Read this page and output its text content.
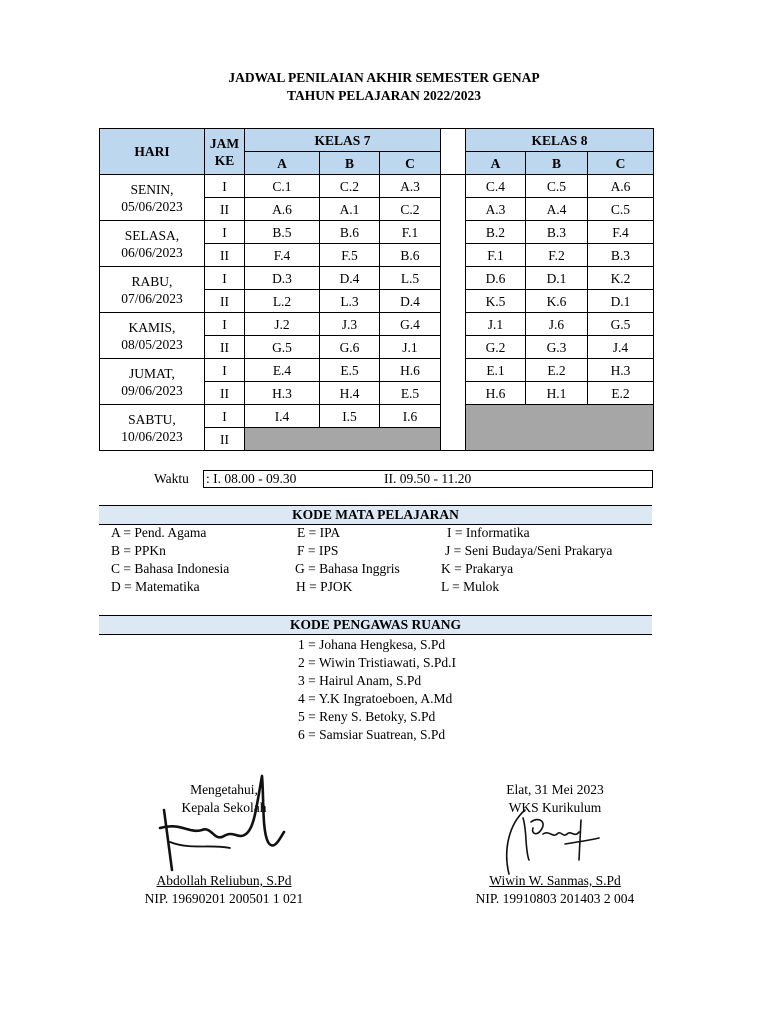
JADWAL PENILAIAN AKHIR SEMESTER GENAP
TAHUN PELAJARAN 2022/2023
HARI	JAM
KE	KELAS 7				KELAS 8		
		A	B	C		A	B	C

SENIN,
05/06/2023	I	C.1	C.2	A.3		C.4	C.5	A.6
	II	A.6	A.1	C.2		A.3	A.4	C.5

SELASA,
06/06/2023	I	B.5	B.6	F.1		B.2	B.3	F.4
	II	F.4	F.5	B.6		F.1	F.2	B.3

RABU,
07/06/2023	I	D.3	D.4	L.5		D.6	D.1	K.2
	II	L.2	L.3	D.4		K.5	K.6	D.1

KAMIS,
08/05/2023	I	J.2	J.3	G.4		J.1	J.6	G.5
	II	G.5	G.6	J.1		G.2	G.3	J.4

JUMAT,
09/06/2023	I	E.4	E.5	H.6		E.1	E.2	H.3
	II	H.3	H.4	E.5		H.6	H.1	E.2

SABTU,
10/06/2023	I	I.4	I.5	I.6				
	II							
Waktu : I. 08.00 - 09.30	II. 09.50 - 11.20
KODE MATA PELAJARAN
A = Pend. Agama
B = PPKn
C = Bahasa Indonesia
D = Matematika
E = IPA
F = IPS
G = Bahasa Inggris
H = PJOK
I = Informatika
J = Seni Budaya/Seni Prakarya
K = Prakarya
L = Mulok
KODE PENGAWAS RUANG
1 = Johana Hengkesa, S.Pd
2 = Wiwin Tristiawati, S.Pd.I
3 = Hairul Anam, S.Pd
4 = Y.K Ingratoeboen, A.Md
5 = Reny S. Betoky, S.Pd
6 = Samsiar Suatrean, S.Pd
Mengetahui,
Kepala Sekolah
Abdollah Reliubun, S.Pd
NIP. 19690201 200501 1 021
Elat, 31 Mei 2023
WKS Kurikulum
Wiwin W. Sanmas, S.Pd
NIP. 19910803 201403 2 004
